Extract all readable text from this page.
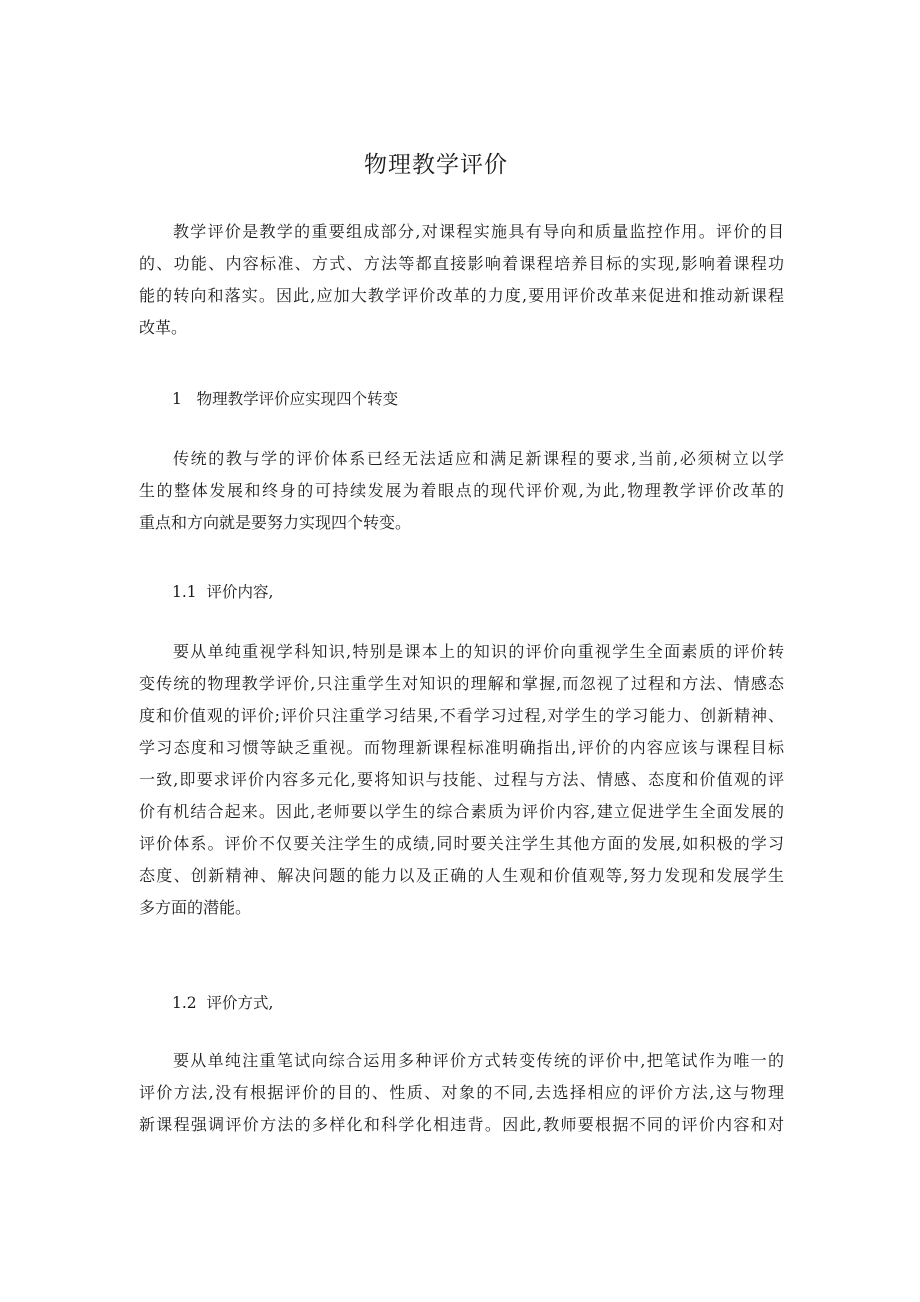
物理教学评价
教学评价是教学的重要组成部分,对课程实施具有导向和质量监控作用。评价的目
的、功能、内容标准、方式、方法等都直接影响着课程培养目标的实现,影响着课程功
能的转向和落实。因此,应加大教学评价改革的力度,要用评价改革来促进和推动新课程
改革。
1   物理教学评价应实现四个转变
传统的教与学的评价体系已经无法适应和满足新课程的要求,当前,必须树立以学
生的整体发展和终身的可持续发展为着眼点的现代评价观,为此,物理教学评价改革的
重点和方向就是要努力实现四个转变。
1.1  评价内容,
要从单纯重视学科知识,特别是课本上的知识的评价向重视学生全面素质的评价转
变传统的物理教学评价,只注重学生对知识的理解和掌握,而忽视了过程和方法、情感态
度和价值观的评价;评价只注重学习结果,不看学习过程,对学生的学习能力、创新精神、
学习态度和习惯等缺乏重视。而物理新课程标准明确指出,评价的内容应该与课程目标
一致,即要求评价内容多元化,要将知识与技能、过程与方法、情感、态度和价值观的评
价有机结合起来。因此,老师要以学生的综合素质为评价内容,建立促进学生全面发展的
评价体系。评价不仅要关注学生的成绩,同时要关注学生其他方面的发展,如积极的学习
态度、创新精神、解决问题的能力以及正确的人生观和价值观等,努力发现和发展学生
多方面的潜能。
1.2  评价方式,
要从单纯注重笔试向综合运用多种评价方式转变传统的评价中,把笔试作为唯一的
评价方法,没有根据评价的目的、性质、对象的不同,去选择相应的评价方法,这与物理
新课程强调评价方法的多样化和科学化相违背。因此,教师要根据不同的评价内容和对
